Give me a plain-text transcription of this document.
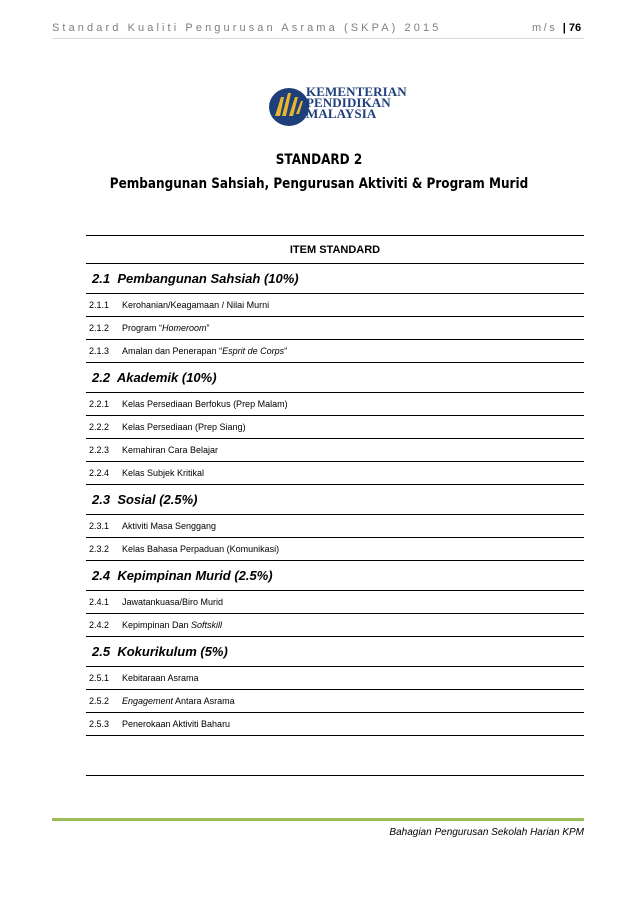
Standard Kualiti Pengurusan Asrama (SKPA) 2015	m/s | 76
KEMENTERIAN
PENDIDIKAN
MALAYSIA
STANDARD 2
Pembangunan Sahsiah, Pengurusan Aktiviti & Program Murid
ITEM STANDARD
2.1 Pembangunan Sahsiah (10%)
2.1.1 Kerohanian/Keagamaan / Nilai Murni
2.1.2 Program “Homeroom”
2.1.3 Amalan dan Penerapan “Esprit de Corps”
2.2 Akademik (10%)
2.2.1 Kelas Persediaan Berfokus (Prep Malam)
2.2.2 Kelas Persediaan (Prep Siang)
2.2.3 Kemahiran Cara Belajar
2.2.4 Kelas Subjek Kritikal
2.3 Sosial (2.5%)
2.3.1 Aktiviti Masa Senggang
2.3.2 Kelas Bahasa Perpaduan (Komunikasi)
2.4 Kepimpinan Murid (2.5%)
2.4.1 Jawatankuasa/Biro Murid
2.4.2 Kepimpinan Dan Softskill
2.5 Kokurikulum (5%)
2.5.1 Kebitaraan Asrama
2.5.2 Engagement Antara Asrama
2.5.3 Penerokaan Aktiviti Baharu
Bahagian Pengurusan Sekolah Harian KPM
